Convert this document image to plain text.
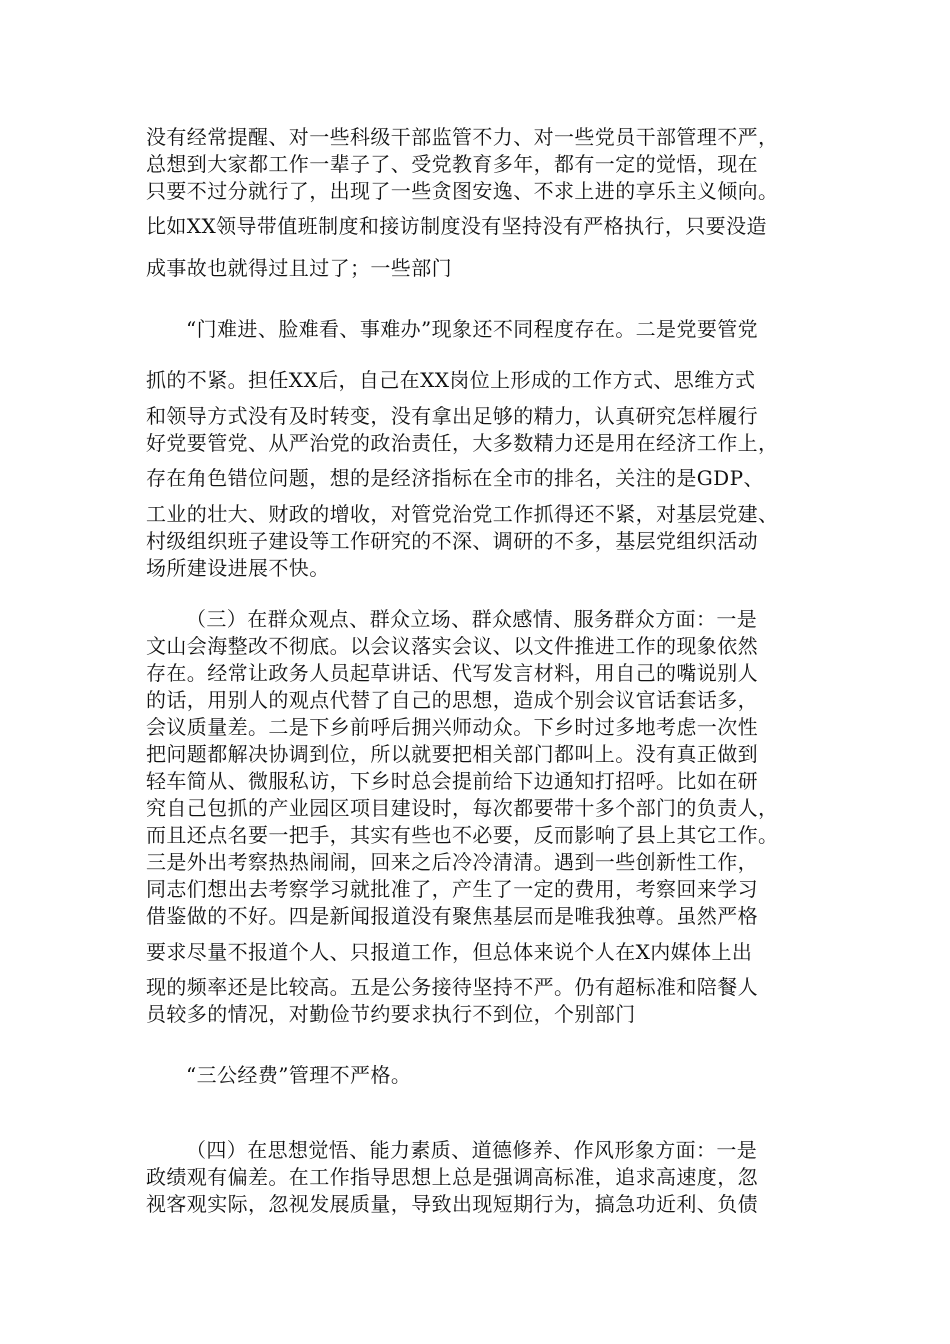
没有经常提醒、对一些科级干部监管不力、对一些党员干部管理不严，
总想到大家都工作一辈子了、受党教育多年，都有一定的觉悟，现在
只要不过分就行了，出现了一些贪图安逸、不求上进的享乐主义倾向。
比如XX领导带值班制度和接访制度没有坚持没有严格执行，只要没造
成事故也就得过且过了；一些部门
“门难进、脸难看、事难办”现象还不同程度存在。二是党要管党
抓的不紧。担任XX后，自己在XX岗位上形成的工作方式、思维方式
和领导方式没有及时转变，没有拿出足够的精力，认真研究怎样履行
好党要管党、从严治党的政治责任，大多数精力还是用在经济工作上，
存在角色错位问题，想的是经济指标在全市的排名，关注的是GDP、
工业的壮大、财政的增收，对管党治党工作抓得还不紧，对基层党建、
村级组织班子建设等工作研究的不深、调研的不多，基层党组织活动
场所建设进展不快。
（三）在群众观点、群众立场、群众感情、服务群众方面：一是
文山会海整改不彻底。以会议落实会议、以文件推进工作的现象依然
存在。经常让政务人员起草讲话、代写发言材料，用自己的嘴说别人
的话，用别人的观点代替了自己的思想，造成个别会议官话套话多，
会议质量差。二是下乡前呼后拥兴师动众。下乡时过多地考虑一次性
把问题都解决协调到位，所以就要把相关部门都叫上。没有真正做到
轻车简从、微服私访，下乡时总会提前给下边通知打招呼。比如在研
究自己包抓的产业园区项目建设时，每次都要带十多个部门的负责人，
而且还点名要一把手，其实有些也不必要，反而影响了县上其它工作。
三是外出考察热热闹闹，回来之后冷冷清清。遇到一些创新性工作，
同志们想出去考察学习就批准了，产生了一定的费用，考察回来学习
借鉴做的不好。四是新闻报道没有聚焦基层而是唯我独尊。虽然严格
要求尽量不报道个人、只报道工作，但总体来说个人在X内媒体上出
现的频率还是比较高。五是公务接待坚持不严。仍有超标准和陪餐人
员较多的情况，对勤俭节约要求执行不到位，个别部门
“三公经费”管理不严格。
（四）在思想觉悟、能力素质、道德修养、作风形象方面：一是
政绩观有偏差。在工作指导思想上总是强调高标准，追求高速度，忽
视客观实际，忽视发展质量，导致出现短期行为，搞急功近利、负债
